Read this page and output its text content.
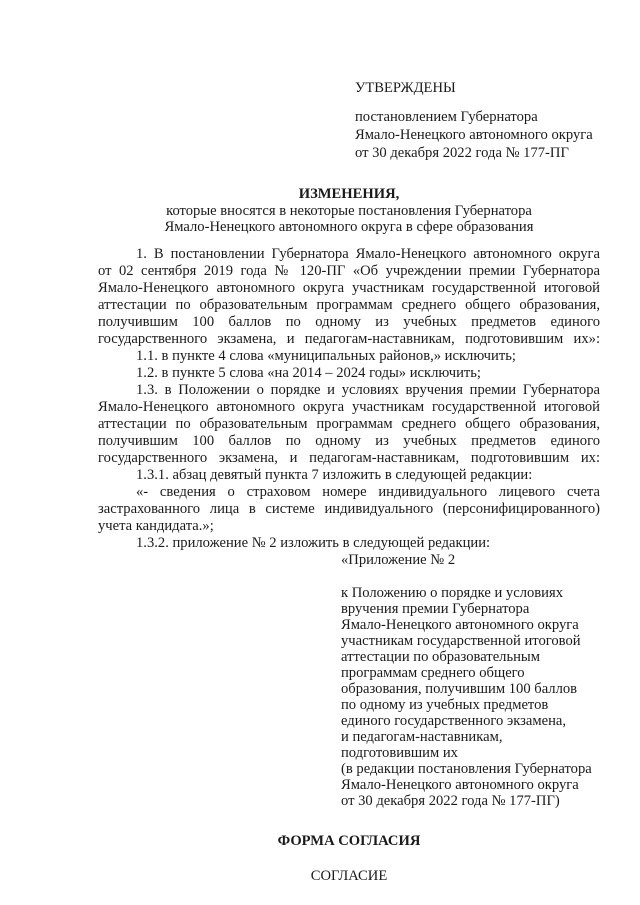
УТВЕРЖДЕНЫ
постановлением Губернатора
Ямало-Ненецкого автономного округа
от 30 декабря 2022 года № 177-ПГ
ИЗМЕНЕНИЯ,
которые вносятся в некоторые постановления Губернатора
Ямало-Ненецкого автономного округа в сфере образования
1. В постановлении Губернатора Ямало-Ненецкого автономного округа
от 02 сентября 2019 года № 120-ПГ «Об учреждении премии Губернатора
Ямало-Ненецкого автономного округа участникам государственной итоговой
аттестации по образовательным программам среднего общего образования,
получившим 100 баллов по одному из учебных предметов единого
государственного экзамена, и педагогам-наставникам, подготовившим их»:
1.1. в пункте 4 слова «муниципальных районов,» исключить;
1.2. в пункте 5 слова «на 2014 – 2024 годы» исключить;
1.3. в Положении о порядке и условиях вручения премии Губернатора
Ямало-Ненецкого автономного округа участникам государственной итоговой
аттестации по образовательным программам среднего общего образования,
получившим 100 баллов по одному из учебных предметов единого
государственного экзамена, и педагогам-наставникам, подготовившим их:
1.3.1. абзац девятый пункта 7 изложить в следующей редакции:
«- сведения о страховом номере индивидуального лицевого счета
застрахованного лица в системе индивидуального (персонифицированного)
учета кандидата.»;
1.3.2. приложение № 2 изложить в следующей редакции:
«Приложение № 2
к Положению о порядке и условиях
вручения премии Губернатора
Ямало-Ненецкого автономного округа
участникам государственной итоговой
аттестации по образовательным
программам среднего общего
образования, получившим 100 баллов
по одному из учебных предметов
единого государственного экзамена,
и педагогам-наставникам,
подготовившим их
(в редакции постановления Губернатора
Ямало-Ненецкого автономного округа
от 30 декабря 2022 года № 177-ПГ)
ФОРМА СОГЛАСИЯ
СОГЛАСИЕ
